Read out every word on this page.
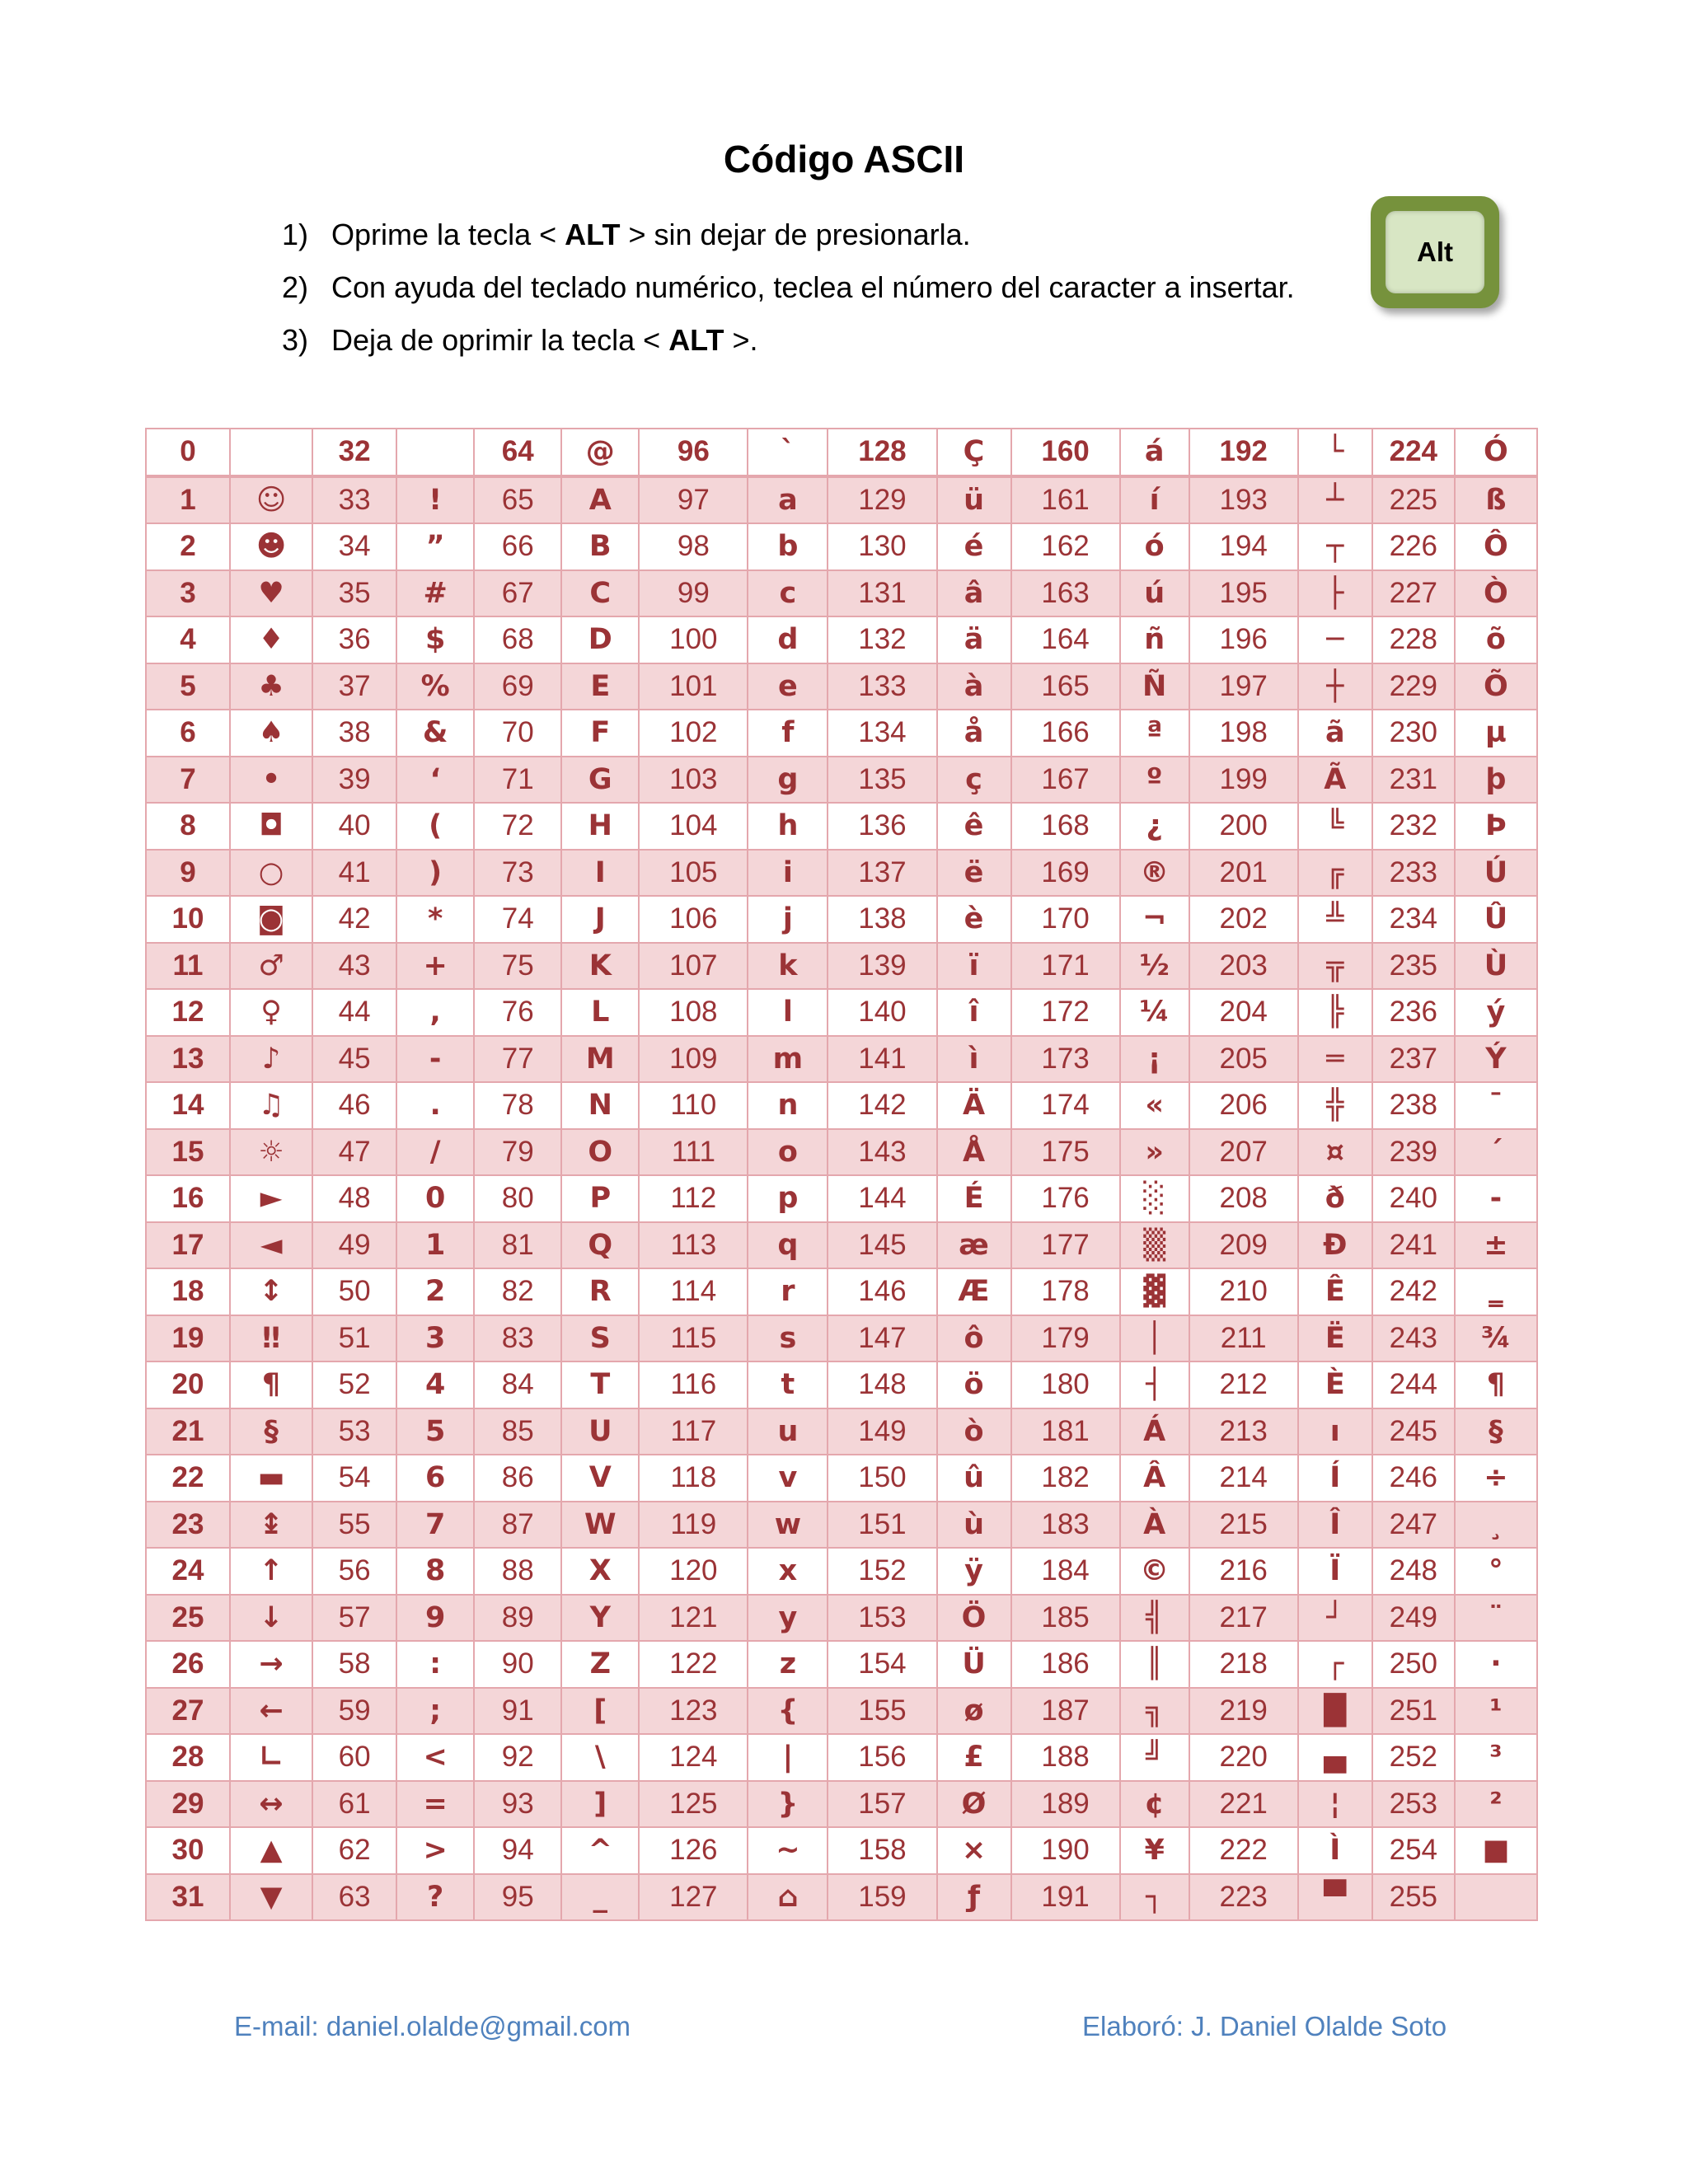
Código ASCII
1) Oprime la tecla < ALT > sin dejar de presionarla.
2) Con ayuda del teclado numérico, teclea el número del caracter a insertar.
3) Deja de oprimir la tecla < ALT >.
Alt
0		32		64	@	96	`	128	Ç	160	á	192	└	224	Ó
1	☺	33	!	65	A	97	a	129	ü	161	í	193	┴	225	ß
2	☻	34	”	66	B	98	b	130	é	162	ó	194	┬	226	Ô
3	♥	35	#	67	C	99	c	131	â	163	ú	195	├	227	Ò
4	♦	36	$	68	D	100	d	132	ä	164	ñ	196	─	228	õ
5	♣	37	%	69	E	101	e	133	à	165	Ñ	197	┼	229	Õ
6	♠	38	&	70	F	102	f	134	å	166	ª	198	ã	230	µ
7	•	39	‘	71	G	103	g	135	ç	167	º	199	Ã	231	þ
8	◘	40	(	72	H	104	h	136	ê	168	¿	200	╚	232	Þ
9	○	41	)	73	I	105	i	137	ë	169	®	201	╔	233	Ú
10	◙	42	*	74	J	106	j	138	è	170	¬	202	╩	234	Û
11	♂	43	+	75	K	107	k	139	ï	171	½	203	╦	235	Ù
12	♀	44	,	76	L	108	l	140	î	172	¼	204	╠	236	ý
13	♪	45	-	77	M	109	m	141	ì	173	¡	205	═	237	Ý
14	♫	46	.	78	N	110	n	142	Ä	174	«	206	╬	238	¯
15	☼	47	/	79	O	111	o	143	Å	175	»	207	¤	239	´
16	►	48	0	80	P	112	p	144	É	176	░	208	ð	240	-
17	◄	49	1	81	Q	113	q	145	æ	177	▒	209	Ð	241	±
18	↕	50	2	82	R	114	r	146	Æ	178	▓	210	Ê	242	‗
19	‼	51	3	83	S	115	s	147	ô	179	│	211	Ë	243	¾
20	¶	52	4	84	T	116	t	148	ö	180	┤	212	È	244	¶
21	§	53	5	85	U	117	u	149	ò	181	Á	213	ı	245	§
22	▬	54	6	86	V	118	v	150	û	182	Â	214	Í	246	÷
23	↨	55	7	87	W	119	w	151	ù	183	À	215	Î	247	¸
24	↑	56	8	88	X	120	x	152	ÿ	184	©	216	Ï	248	°
25	↓	57	9	89	Y	121	y	153	Ö	185	╣	217	┘	249	¨
26	→	58	:	90	Z	122	z	154	Ü	186	║	218	┌	250	·
27	←	59	;	91	[	123	{	155	ø	187	╗	219	█	251	¹
28	∟	60	<	92	\	124	|	156	£	188	╝	220	▄	252	³
29	↔	61	=	93	]	125	}	157	Ø	189	¢	221	¦	253	²
30	▲	62	>	94	^	126	~	158	×	190	¥	222	Ì	254	■
31	▼	63	?	95	_	127	⌂	159	ƒ	191	┐	223	▀	255	
E-mail: daniel.olalde@gmail.com	Elaboró: J. Daniel Olalde Soto
